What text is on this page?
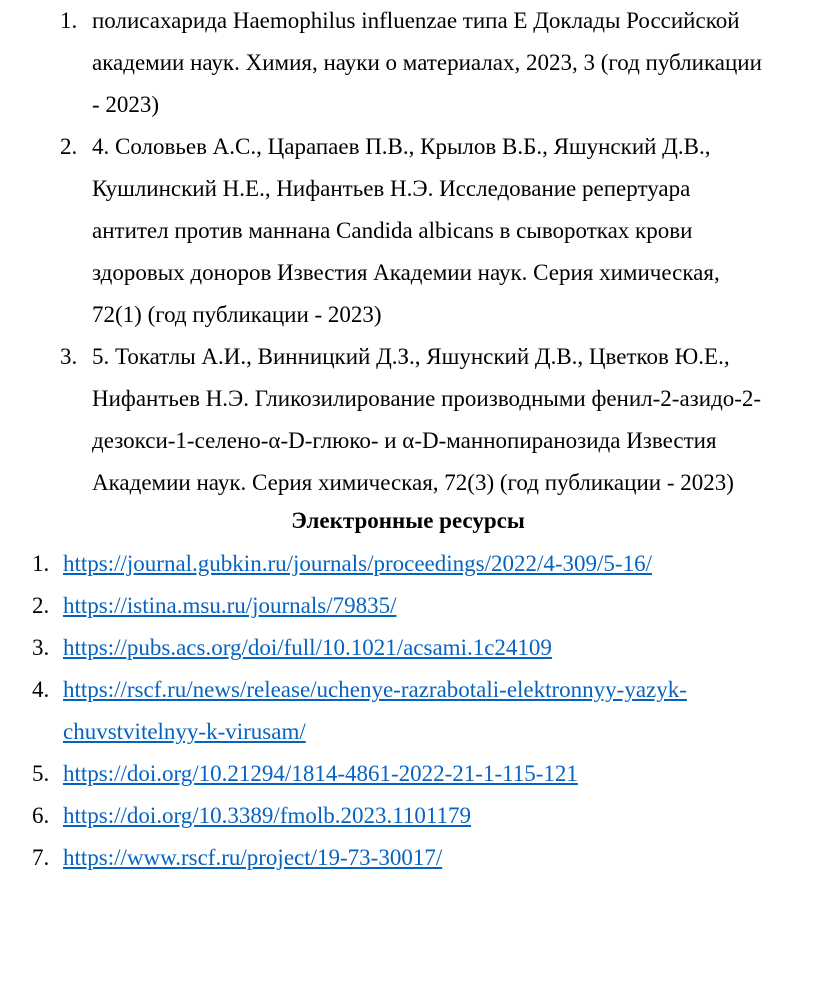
1. полисахарида Haemophilus influenzae типа E Доклады Российской
академии наук. Химия, науки о материалах, 2023, 3 (год публикации
- 2023)
2. 4. Соловьев А.С., Царапаев П.В., Крылов В.Б., Яшунский Д.В.,
Кушлинский Н.Е., Нифантьев Н.Э. Исследование репертуара
антител против маннана Candida albicans в сыворотках крови
здоровых доноров Известия Академии наук. Серия химическая,
72(1) (год публикации - 2023)
3. 5. Токатлы А.И., Винницкий Д.З., Яшунский Д.В., Цветков Ю.Е.,
Нифантьев Н.Э. Гликозилирование производными фенил-2-азидо-2-
дезокси-1-селено-α-D-глюко- и α-D-маннопиранозида Известия
Академии наук. Серия химическая, 72(3) (год публикации - 2023)
Электронные ресурсы
1. https://journal.gubkin.ru/journals/proceedings/2022/4-309/5-16/
2. https://istina.msu.ru/journals/79835/
3. https://pubs.acs.org/doi/full/10.1021/acsami.1c24109
4. https://rscf.ru/news/release/uchenye-razrabotali-elektronnyy-yazyk-
chuvstvitelnyy-k-virusam/
5. https://doi.org/10.21294/1814-4861-2022-21-1-115-121
6. https://doi.org/10.3389/fmolb.2023.1101179
7. https://www.rscf.ru/project/19-73-30017/
